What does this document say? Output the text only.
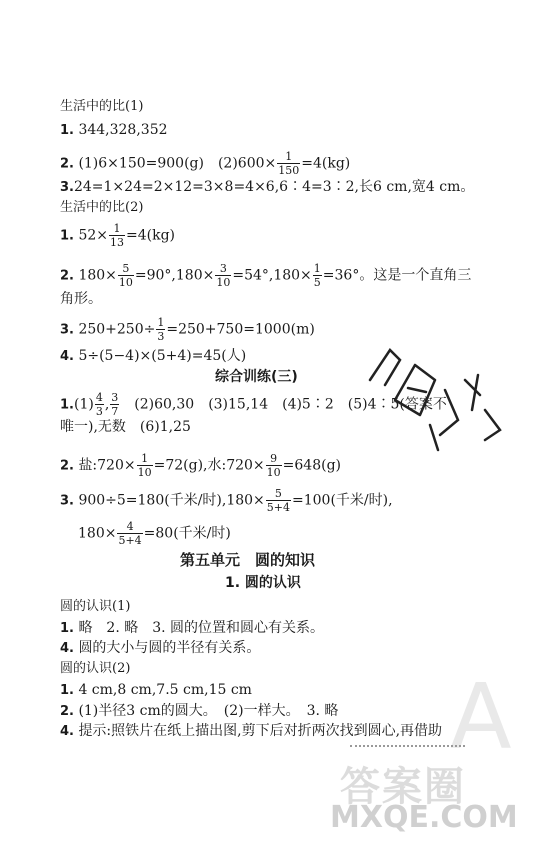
生活中的比(1)
1. 344,328,352
2. (1)6×150=900(g)　$(2)600\times \frac{1}{150} =4(kg)$
3.24=1×24=2×12=3×8=4×6,6∶4=3∶2,长6 cm,宽4 cm。
生活中的比(2)
1. $52\times \frac{1}{13} =4(kg)$
2. $180\times \frac{5}{10} =90^\circ,180\times \frac{3}{10} =54^\circ,180\times \frac{1}{5} =36^\circ$。这是一个直角三
角形。
3. $250+250\div \frac{1}{3} =250+750=1000(m)$
4. 5÷(5−4)×(5+4)=45(人)
综合训练(三)
$1.(1) \frac{4}{3}$ , $\frac{3}{7}$ 　(2)60,30　(3)15,14　(4)5∶2　(5)4∶5(答案不
唯一),无数　(6)1,25
2. 盐:720× $\frac{1}{10} =72(g)$,水:720× $\frac{9}{10} =648(g)$
3. 900÷5=180(千米/时)$,180\times \frac{5}{5+4} =100$(千米/时),
$180\times \frac{4}{5+4} =80$(千米/时)
第五单元　圆的知识
1. 圆的认识
圆的认识(1)
1. 略　2. 略　3. 圆的位置和圆心有关系。
4. 圆的大小与圆的半径有关系。
圆的认识(2)
1. 4 cm,8 cm,7.5 cm,15 cm
2. (1)半径3 cm的圆大。　(2)一样大。　3. 略
4. 提示:照铁片在纸上描出图,剪下后对折两次找到圆心,再借助 A
答案圈
MXQE.COM
